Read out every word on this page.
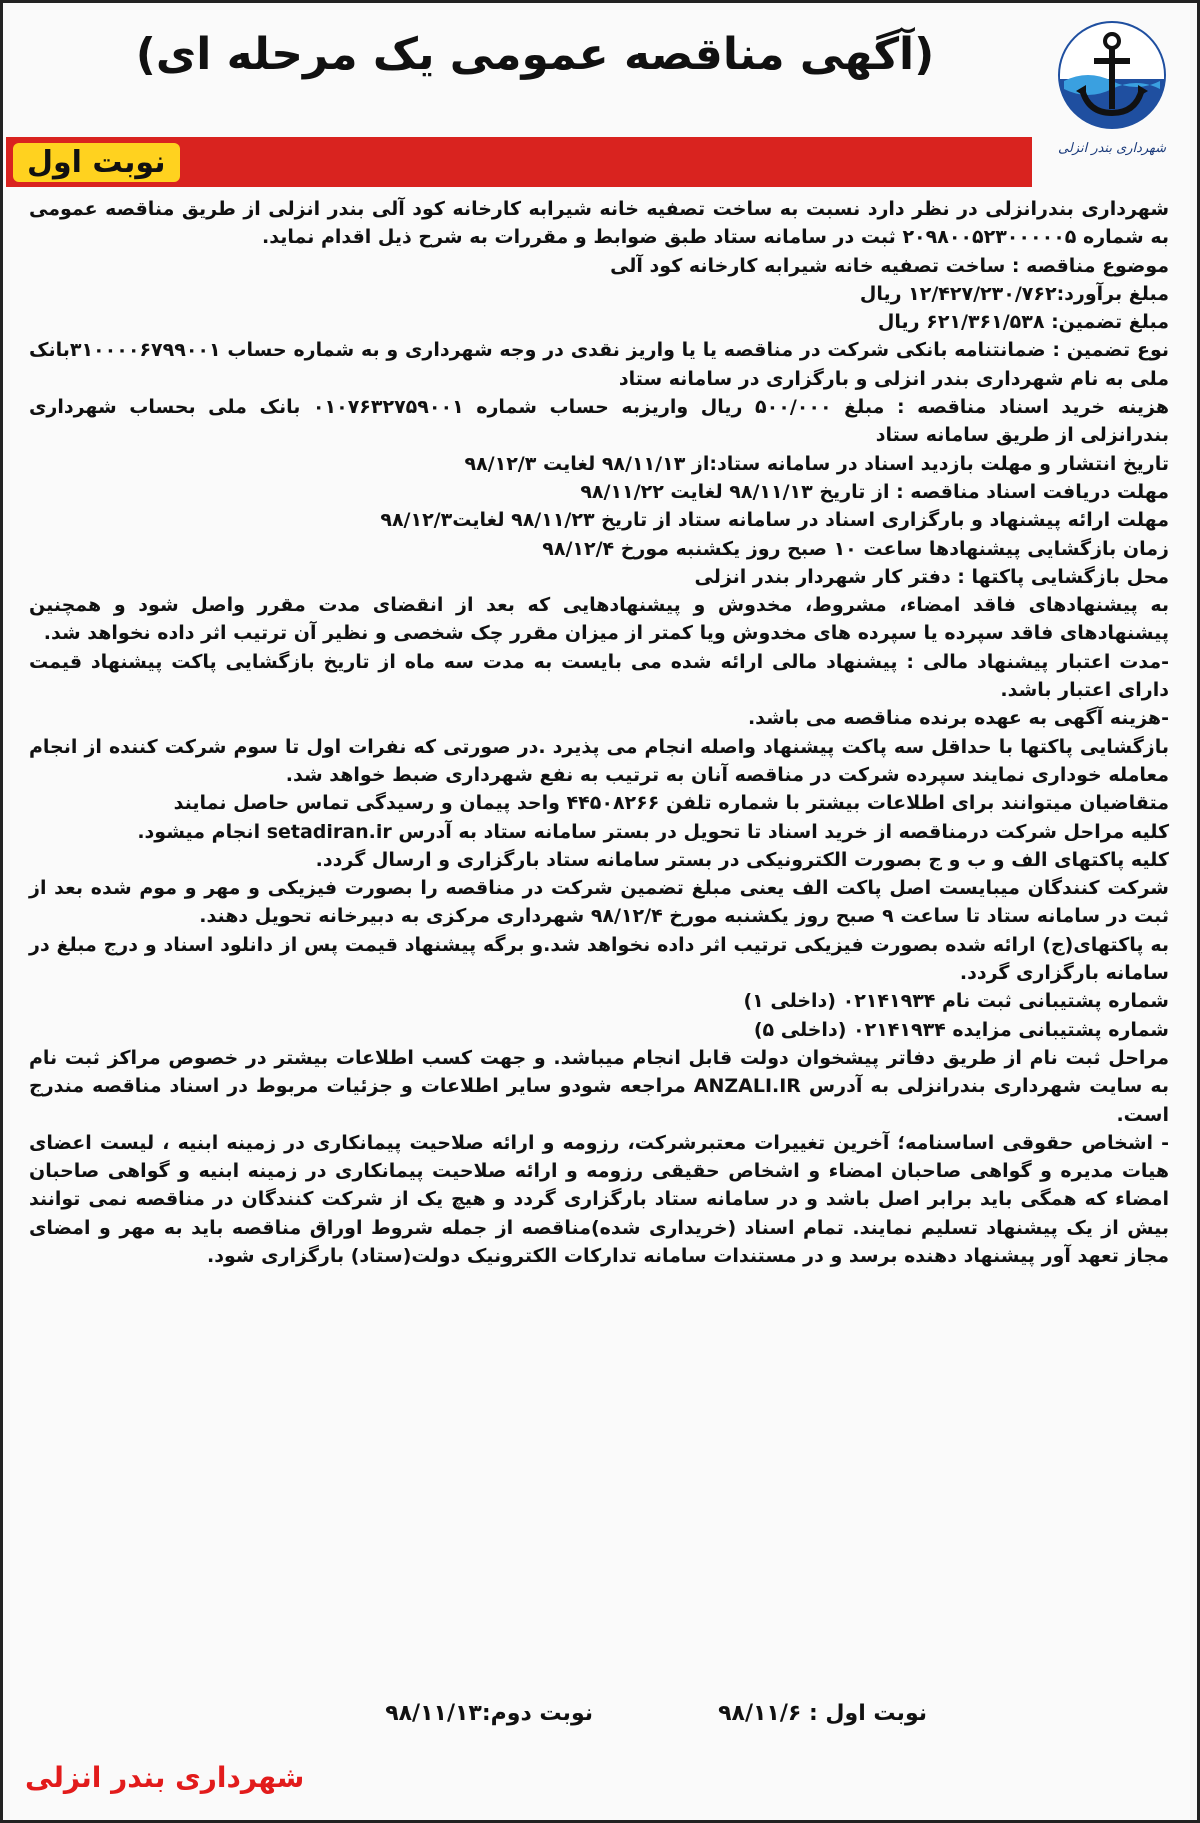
شهرداری بندر انزلی
(آگهی مناقصه عمومی یک مرحله ای)
نوبت اول

شهرداری بندرانزلی در نظر دارد نسبت به ساخت تصفیه خانه شیرابه کارخانه کود آلی بندر انزلی از طریق مناقصه عمومی به شماره ۲۰۹۸۰۰۵۲۳۰۰۰۰۰۵ ثبت در سامانه ستاد طبق ضوابط و مقررات به شرح ذیل اقدام نماید.

موضوع مناقصه : ساخت تصفیه خانه شیرابه کارخانه کود آلی

مبلغ برآورد:۱۲/۴۲۷/۲۳۰/۷۶۲ ریال

مبلغ تضمین: ۶۲۱/۳۶۱/۵۳۸ ریال

نوع تضمین : ضمانتنامه بانکی شرکت در مناقصه یا یا واریز نقدی در وجه شهرداری و به شماره حساب ۳۱۰۰۰۰۶۷۹۹۰۰۱بانک ملی به نام شهرداری بندر انزلی و بارگزاری در سامانه ستاد

هزینه خرید اسناد مناقصه : مبلغ ۵۰۰/۰۰۰ ریال واریزبه حساب شماره ۰۱۰۷۶۳۲۷۵۹۰۰۱ بانک ملی بحساب شهرداری بندرانزلی از طریق سامانه ستاد

تاریخ انتشار و مهلت بازدید اسناد در سامانه ستاد:از ۹۸/۱۱/۱۳ لغایت ۹۸/۱۲/۳

مهلت دریافت اسناد مناقصه : از تاریخ ۹۸/۱۱/۱۳ لغایت ۹۸/۱۱/۲۲

مهلت ارائه پیشنهاد و بارگزاری اسناد در سامانه ستاد از تاریخ ۹۸/۱۱/۲۳ لغایت۹۸/۱۲/۳

زمان بازگشایی پیشنهادها ساعت ۱۰ صبح روز یکشنبه مورخ ۹۸/۱۲/۴

محل بازگشایی پاکتها : دفتر کار شهردار بندر انزلی

به پیشنهادهای فاقد امضاء، مشروط، مخدوش و پیشنهادهایی که بعد از انقضای مدت مقرر واصل شود و همچنین پیشنهادهای فاقد سپرده یا سپرده های مخدوش ویا کمتر از میزان مقرر چک شخصی و نظیر آن ترتیب اثر داده نخواهد شد.

-مدت اعتبار پیشنهاد مالی : پیشنهاد مالی ارائه شده می بایست به مدت سه ماه از تاریخ بازگشایی پاکت پیشنهاد قیمت دارای اعتبار باشد.

-هزینه آگهی به عهده برنده مناقصه می باشد.

بازگشایی پاکتها با حداقل سه پاکت پیشنهاد واصله انجام می پذیرد .در صورتی که نفرات اول تا سوم شرکت کننده از انجام معامله خوداری نمایند سپرده شرکت در مناقصه آنان به ترتیب به نفع شهرداری ضبط خواهد شد.

متقاضیان میتوانند برای اطلاعات بیشتر با شماره تلفن ۴۴۵۰۸۲۶۶ واحد پیمان و رسیدگی تماس حاصل نمایند

کلیه مراحل شرکت درمناقصه از خرید اسناد تا تحویل در بستر سامانه ستاد به آدرس setadiran.ir انجام میشود.

کلیه پاکتهای الف و ب و ج بصورت الکترونیکی در بستر سامانه ستاد بارگزاری و ارسال گردد.

شرکت کنندگان میبایست اصل پاکت الف یعنی مبلغ تضمین شرکت در مناقصه را بصورت فیزیکی و مهر و موم شده بعد از ثبت در سامانه ستاد تا ساعت ۹ صبح روز یکشنبه مورخ ۹۸/۱۲/۴ شهرداری مرکزی به دبیرخانه تحویل دهند.

به پاکتهای(ج) ارائه شده بصورت فیزیکی ترتیب اثر داده نخواهد شد.و برگه پیشنهاد قیمت پس از دانلود اسناد و درج مبلغ در سامانه بارگزاری گردد.

شماره پشتیبانی ثبت نام ۰۲۱۴۱۹۳۴ (داخلی ۱)

شماره پشتیبانی مزایده ۰۲۱۴۱۹۳۴ (داخلی ۵)

مراحل ثبت نام از طریق دفاتر پیشخوان دولت قابل انجام میباشد. و جهت کسب اطلاعات بیشتر در خصوص مراکز ثبت نام به سایت شهرداری بندرانزلی به آدرس ANZALI.IR مراجعه شودو سایر اطلاعات و جزئیات مربوط در اسناد مناقصه مندرج است.

- اشخاص حقوقی اساسنامه؛ آخرین تغییرات معتبرشرکت، رزومه و ارائه صلاحیت پیمانکاری در زمینه ابنیه ، لیست اعضای هیات مدیره و گواهی صاحبان امضاء و اشخاص حقیقی رزومه و ارائه صلاحیت پیمانکاری در زمینه ابنیه و گواهی صاحبان امضاء که همگی باید برابر اصل باشد و در سامانه ستاد بارگزاری گردد و هیچ یک از شرکت کنندگان در مناقصه نمی توانند بیش از یک پیشنهاد تسلیم نمایند. تمام اسناد (خریداری شده)مناقصه از جمله شروط اوراق مناقصه باید به مهر و امضای مجاز تعهد آور پیشنهاد دهنده برسد و در مستندات سامانه تدارکات الکترونیک دولت(ستاد) بارگزاری شود.

نوبت اول : ۹۸/۱۱/۶
نوبت دوم:۹۸/۱۱/۱۳
شهرداری بندر انزلی
